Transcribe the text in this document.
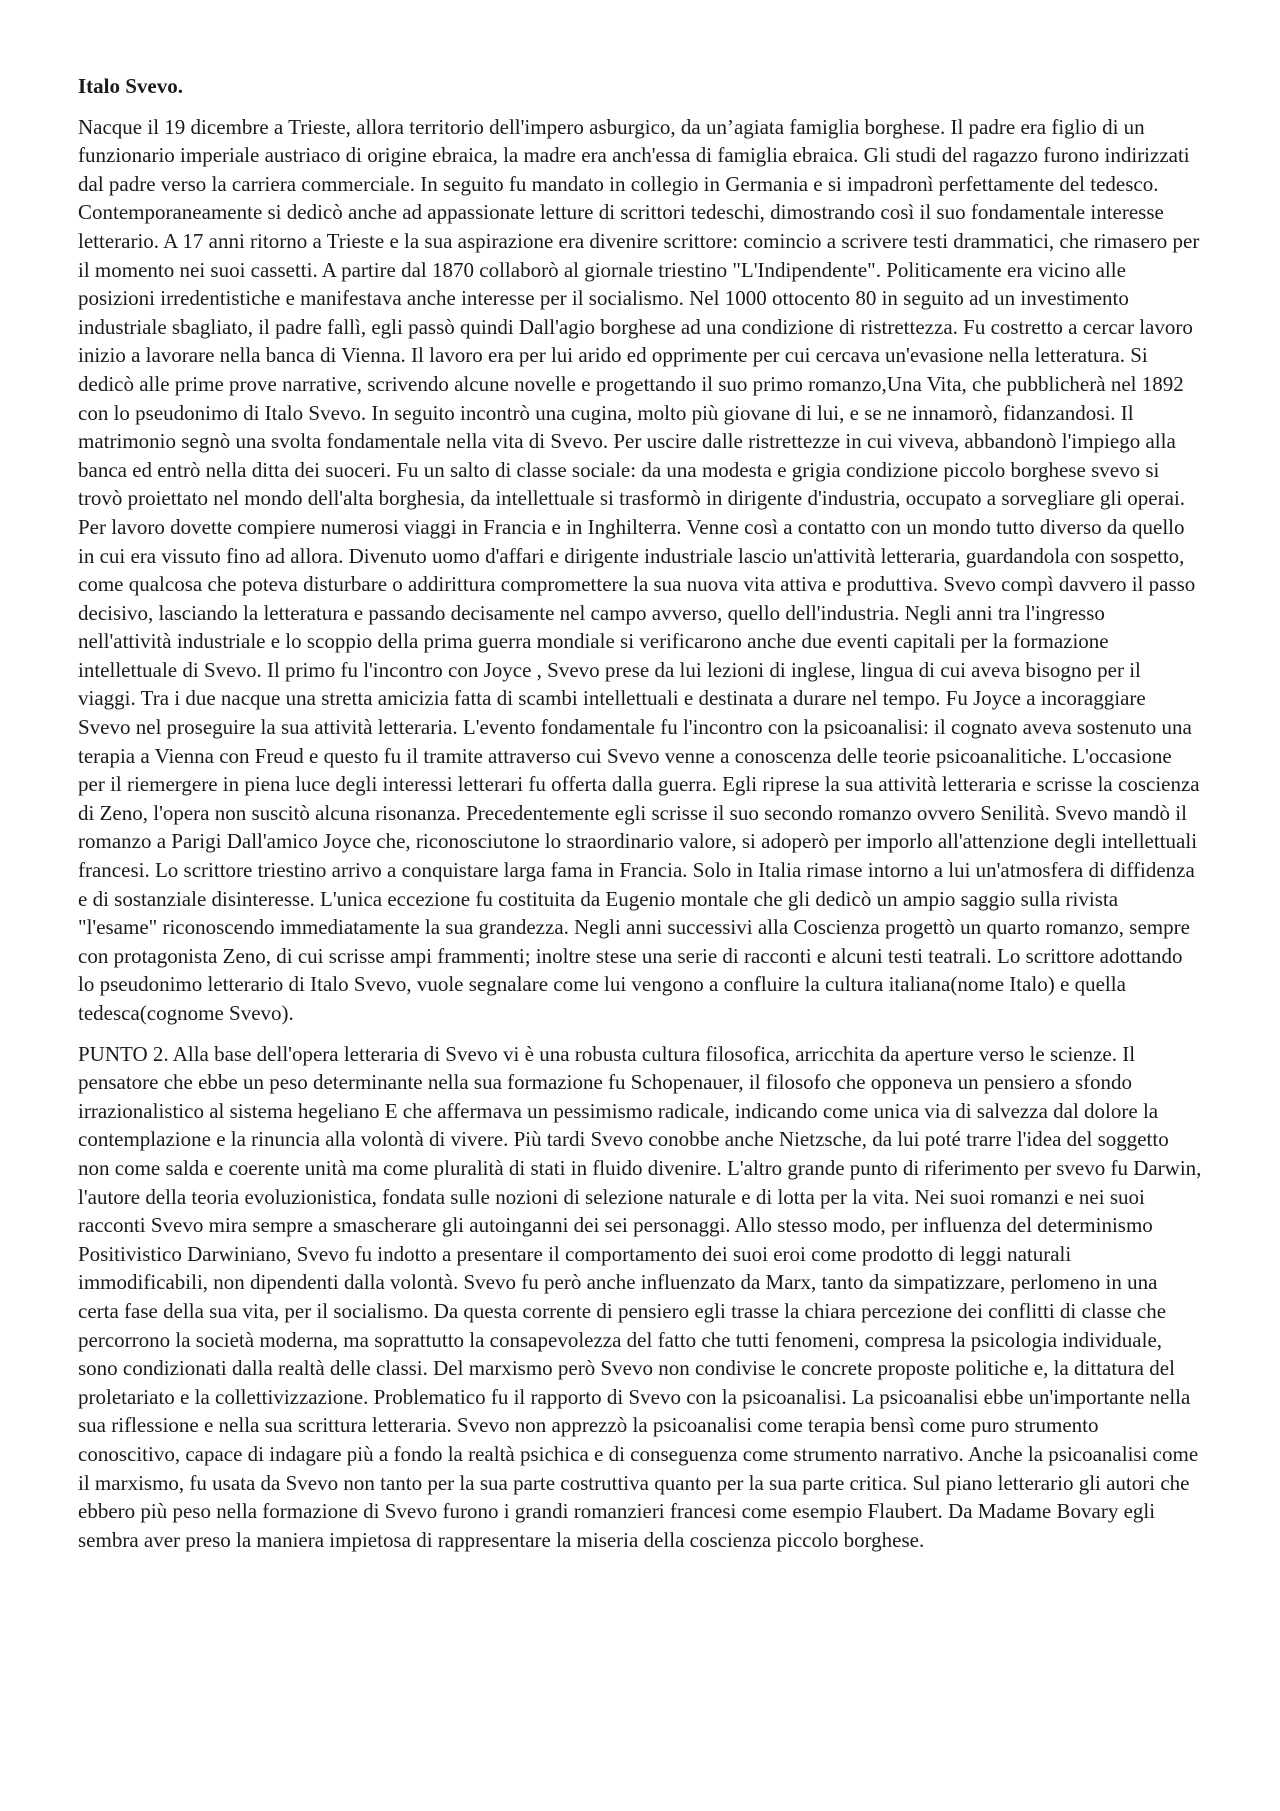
Italo Svevo.

Nacque il 19 dicembre a Trieste, allora territorio dell'impero asburgico, da un’agiata famiglia borghese. Il padre era figlio di un funzionario imperiale austriaco di origine ebraica, la madre era anch'essa di famiglia ebraica. Gli studi del ragazzo furono indirizzati dal padre verso la carriera commerciale. In seguito fu mandato in collegio in Germania e si impadronì perfettamente del tedesco. Contemporaneamente si dedicò anche ad appassionate letture di scrittori tedeschi, dimostrando così il suo fondamentale interesse letterario. A 17 anni ritorno a Trieste e la sua aspirazione era divenire scrittore: comincio a scrivere testi drammatici, che rimasero per il momento nei suoi cassetti. A partire dal 1870 collaborò al giornale triestino "L'Indipendente". Politicamente era vicino alle posizioni irredentistiche e manifestava anche interesse per il socialismo. Nel 1000 ottocento 80 in seguito ad un investimento industriale sbagliato, il padre fallì, egli passò quindi Dall'agio borghese ad una condizione di ristrettezza. Fu costretto a cercar lavoro inizio a lavorare nella banca di Vienna. Il lavoro era per lui arido ed opprimente per cui cercava un'evasione nella letteratura. Si dedicò alle prime prove narrative, scrivendo alcune novelle e progettando il suo primo romanzo,Una Vita, che pubblicherà nel 1892 con lo pseudonimo di Italo Svevo. In seguito incontrò una cugina, molto più giovane di lui, e se ne innamorò, fidanzandosi. Il matrimonio segnò una svolta fondamentale nella vita di Svevo. Per uscire dalle ristrettezze in cui viveva, abbandonò l'impiego alla banca ed entrò nella ditta dei suoceri. Fu un salto di classe sociale: da una modesta e grigia condizione piccolo borghese svevo si trovò proiettato nel mondo dell'alta borghesia, da intellettuale si trasformò in dirigente d'industria, occupato a sorvegliare gli operai. Per lavoro dovette compiere numerosi viaggi in Francia e in Inghilterra. Venne così a contatto con un mondo tutto diverso da quello in cui era vissuto fino ad allora. Divenuto uomo d'affari e dirigente industriale lascio un'attività letteraria, guardandola con sospetto, come qualcosa che poteva disturbare o addirittura compromettere la sua nuova vita attiva e produttiva. Svevo compì davvero il passo decisivo, lasciando la letteratura e passando decisamente nel campo avverso, quello dell'industria. Negli anni tra l'ingresso nell'attività industriale e lo scoppio della prima guerra mondiale si verificarono anche due eventi capitali per la formazione intellettuale di Svevo. Il primo fu l'incontro con Joyce , Svevo prese da lui lezioni di inglese, lingua di cui aveva bisogno per il viaggi. Tra i due nacque una stretta amicizia fatta di scambi intellettuali e destinata a durare nel tempo. Fu Joyce a incoraggiare Svevo nel proseguire la sua attività letteraria. L'evento fondamentale fu l'incontro con la psicoanalisi: il cognato aveva sostenuto una terapia a Vienna con Freud e questo fu il tramite attraverso cui Svevo venne a conoscenza delle teorie psicoanalitiche. L'occasione per il riemergere in piena luce degli interessi letterari fu offerta dalla guerra. Egli riprese la sua attività letteraria e scrisse la coscienza di Zeno, l'opera non suscitò alcuna risonanza. Precedentemente egli scrisse il suo secondo romanzo ovvero Senilità. Svevo mandò il romanzo a Parigi Dall'amico Joyce che, riconosciutone lo straordinario valore, si adoperò per imporlo all'attenzione degli intellettuali francesi. Lo scrittore triestino arrivo a conquistare larga fama in Francia. Solo in Italia rimase intorno a lui un'atmosfera di diffidenza e di sostanziale disinteresse. L'unica eccezione fu costituita da Eugenio montale che gli dedicò un ampio saggio sulla rivista "l'esame" riconoscendo immediatamente la sua grandezza. Negli anni successivi alla Coscienza progettò un quarto romanzo, sempre con protagonista Zeno, di cui scrisse ampi frammenti; inoltre stese una serie di racconti e alcuni testi teatrali. Lo scrittore adottando lo pseudonimo letterario di Italo Svevo, vuole segnalare come lui vengono a confluire la cultura italiana(nome Italo) e quella tedesca(cognome Svevo).

PUNTO 2. Alla base dell'opera letteraria di Svevo vi è una robusta cultura filosofica, arricchita da aperture verso le scienze. Il pensatore che ebbe un peso determinante nella sua formazione fu Schopenauer, il filosofo che opponeva un pensiero a sfondo irrazionalistico al sistema hegeliano E che affermava un pessimismo radicale, indicando come unica via di salvezza dal dolore la contemplazione e la rinuncia alla volontà di vivere. Più tardi Svevo conobbe anche Nietzsche, da lui poté trarre l'idea del soggetto non come salda e coerente unità ma come pluralità di stati in fluido divenire. L'altro grande punto di riferimento per svevo fu Darwin, l'autore della teoria evoluzionistica, fondata sulle nozioni di selezione naturale e di lotta per la vita. Nei suoi romanzi e nei suoi racconti Svevo mira sempre a smascherare gli autoinganni dei sei personaggi. Allo stesso modo, per influenza del determinismo Positivistico Darwiniano, Svevo fu indotto a presentare il comportamento dei suoi eroi come prodotto di leggi naturali immodificabili, non dipendenti dalla volontà. Svevo fu però anche influenzato da Marx, tanto da simpatizzare, perlomeno in una certa fase della sua vita, per il socialismo. Da questa corrente di pensiero egli trasse la chiara percezione dei conflitti di classe che percorrono la società moderna, ma soprattutto la consapevolezza del fatto che tutti fenomeni, compresa la psicologia individuale, sono condizionati dalla realtà delle classi. Del marxismo però Svevo non condivise le concrete proposte politiche e, la dittatura del proletariato e la collettivizzazione. Problematico fu il rapporto di Svevo con la psicoanalisi. La psicoanalisi ebbe un'importante nella sua riflessione e nella sua scrittura letteraria. Svevo non apprezzò la psicoanalisi come terapia bensì come puro strumento conoscitivo, capace di indagare più a fondo la realtà psichica e di conseguenza come strumento narrativo. Anche la psicoanalisi come il marxismo, fu usata da Svevo non tanto per la sua parte costruttiva quanto per la sua parte critica. Sul piano letterario gli autori che ebbero più peso nella formazione di Svevo furono i grandi romanzieri francesi come esempio Flaubert. Da Madame Bovary egli sembra aver preso la maniera impietosa di rappresentare la miseria della coscienza piccolo borghese.
